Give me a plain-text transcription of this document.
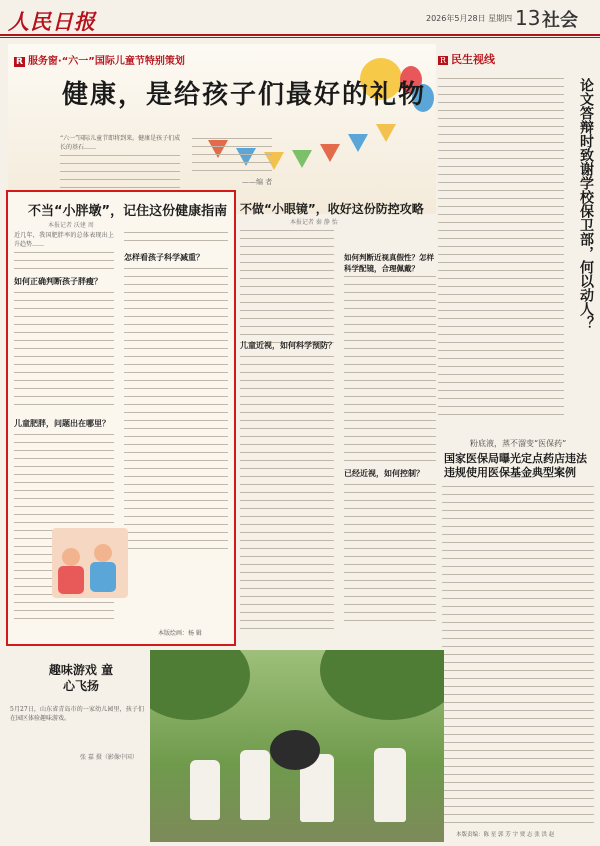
人民日报	2026年5月28日 星期四 13 社会
“六一”国际儿童节即将到来。健康是孩子们成长的基石……
——编 者
R 服务窗·“六一”国际儿童节特别策划
健康，是给孩子们最好的礼物
不当“小胖墩”，记住这份健康指南
本报记者 沃建 周
近几年，我国肥胖率的总体表现出上升趋势……
如何正确判断孩子胖瘦？
儿童肥胖，问题出在哪里？
怎样看孩子科学减重？
本版绘画：杨 辑
不做“小眼镜”，收好这份防控攻略
本报记者 秦 静 怡
儿童近视，如何科学预防？
如何判断近视真假性？怎样科学配镜，合理佩戴？
已经近视，如何控制？
R 民生视线
论文答辩时致谢学校保卫部，何以动人？
粉底液，蒸不溜变“医保药”
国家医保局曝光定点药店违法违规使用医保基金典型案例
本版责编：陈 星 郭 芳 宇 贾 志 张 洪 赵
趣味游戏 童心飞扬
5月27日，山东省青岛市的一家幼儿园里，孩子们在园区体验趣味游戏。
张 嘉 摄（影像中国）
